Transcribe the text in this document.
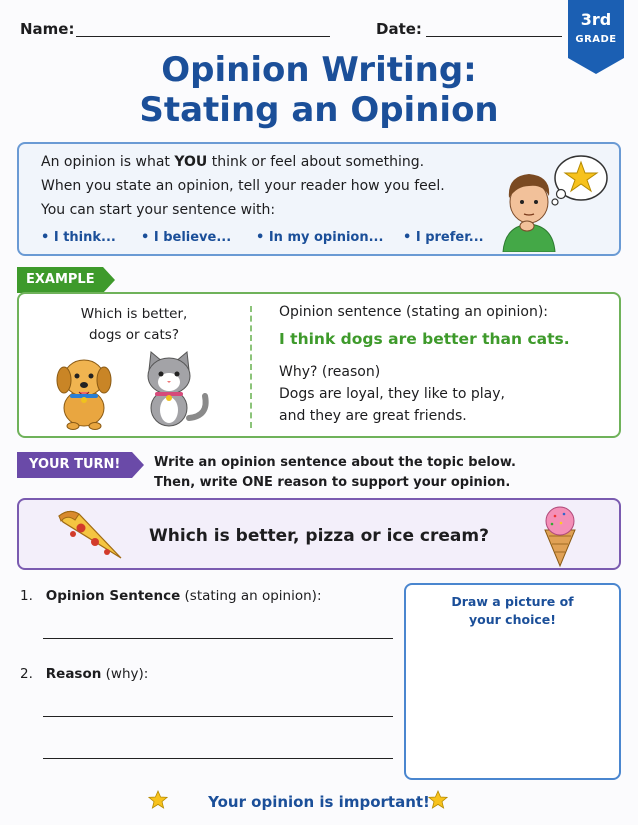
Name:	Date:	3rd
GRADE
Opinion Writing:
Stating an Opinion
An opinion is what YOU think or feel about something.
When you state an opinion, tell your reader how you feel.
You can start your sentence with:
• I think... • I believe... • In my opinion... • I prefer...
EXAMPLE
Which is better,
dogs or cats?
Opinion sentence (stating an opinion):
I think dogs are better than cats.
Why? (reason)
Dogs are loyal, they like to play,
and they are great friends.
YOUR TURN!	Write an opinion sentence about the topic below.
Then, write ONE reason to support your opinion.
Which is better, pizza or ice cream?
1. Opinion Sentence (stating an opinion):
2. Reason (why):
Draw a picture of
your choice!
Your opinion is important!
